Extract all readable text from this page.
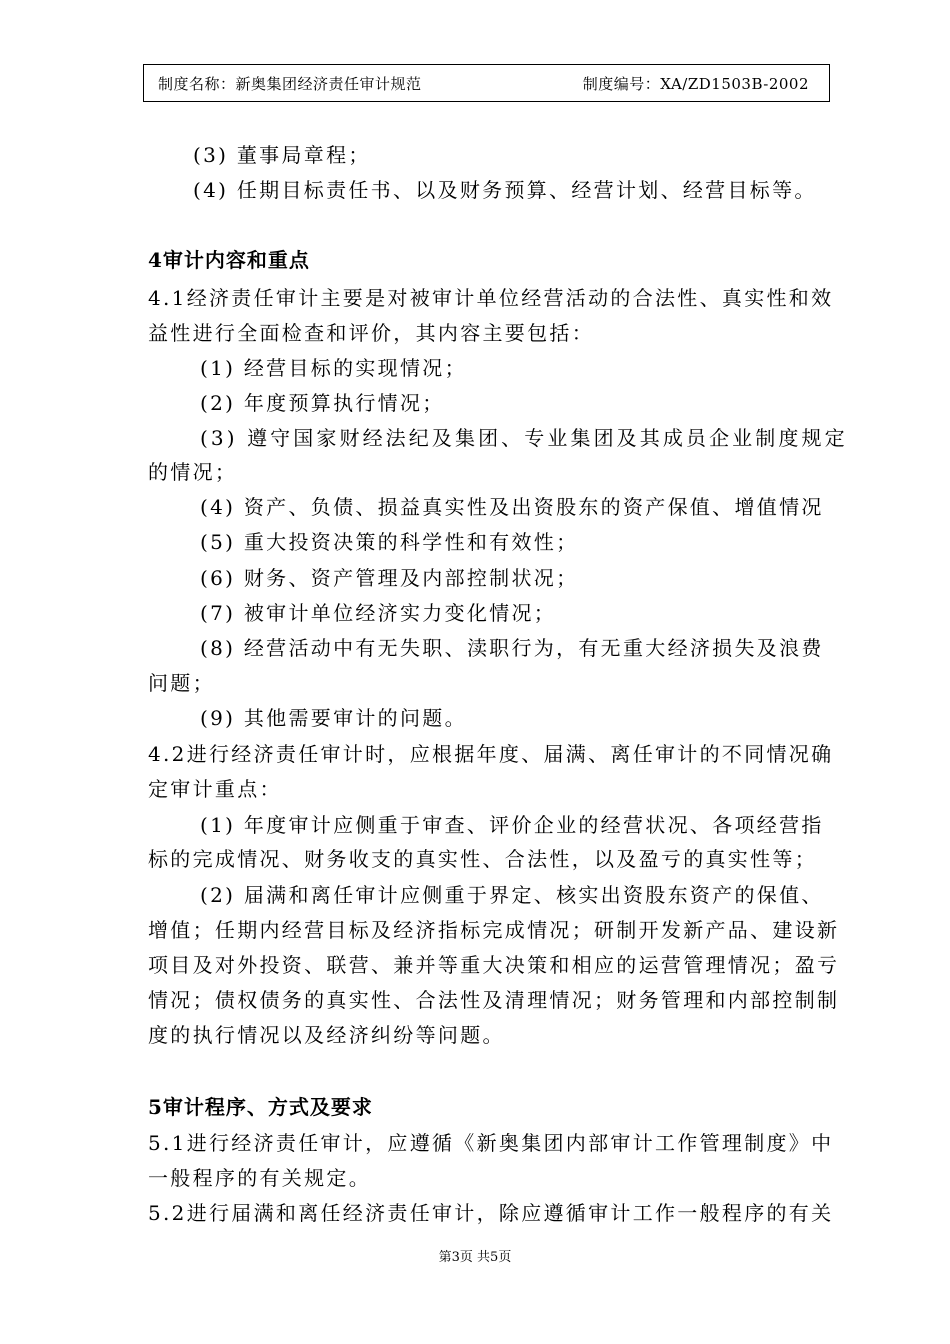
制度名称：新奥集团经济责任审计规范	制度编号：XA/ZD1503B-2002
(3) 董事局章程；
(4) 任期目标责任书、以及财务预算、经营计划、经营目标等。
4审计内容和重点
4.1经济责任审计主要是对被审计单位经营活动的合法性、真实性和效
益性进行全面检查和评价，其内容主要包括：
(1) 经营目标的实现情况；
(2) 年度预算执行情况；
(3) 遵守国家财经法纪及集团、专业集团及其成员企业制度规定
的情况；
(4) 资产、负债、损益真实性及出资股东的资产保值、增值情况
(5) 重大投资决策的科学性和有效性；
(6) 财务、资产管理及内部控制状况；
(7) 被审计单位经济实力变化情况；
(8) 经营活动中有无失职、渎职行为，有无重大经济损失及浪费
问题；
(9) 其他需要审计的问题。
4.2进行经济责任审计时，应根据年度、届满、离任审计的不同情况确
定审计重点：
(1) 年度审计应侧重于审查、评价企业的经营状况、各项经营指
标的完成情况、财务收支的真实性、合法性，以及盈亏的真实性等；
(2) 届满和离任审计应侧重于界定、核实出资股东资产的保值、
增值；任期内经营目标及经济指标完成情况；研制开发新产品、建设新
项目及对外投资、联营、兼并等重大决策和相应的运营管理情况；盈亏
情况；债权债务的真实性、合法性及清理情况；财务管理和内部控制制
度的执行情况以及经济纠纷等问题。
5审计程序、方式及要求
5.1进行经济责任审计，应遵循《新奥集团内部审计工作管理制度》中
一般程序的有关规定。
5.2进行届满和离任经济责任审计，除应遵循审计工作一般程序的有关
第3页 共5页
